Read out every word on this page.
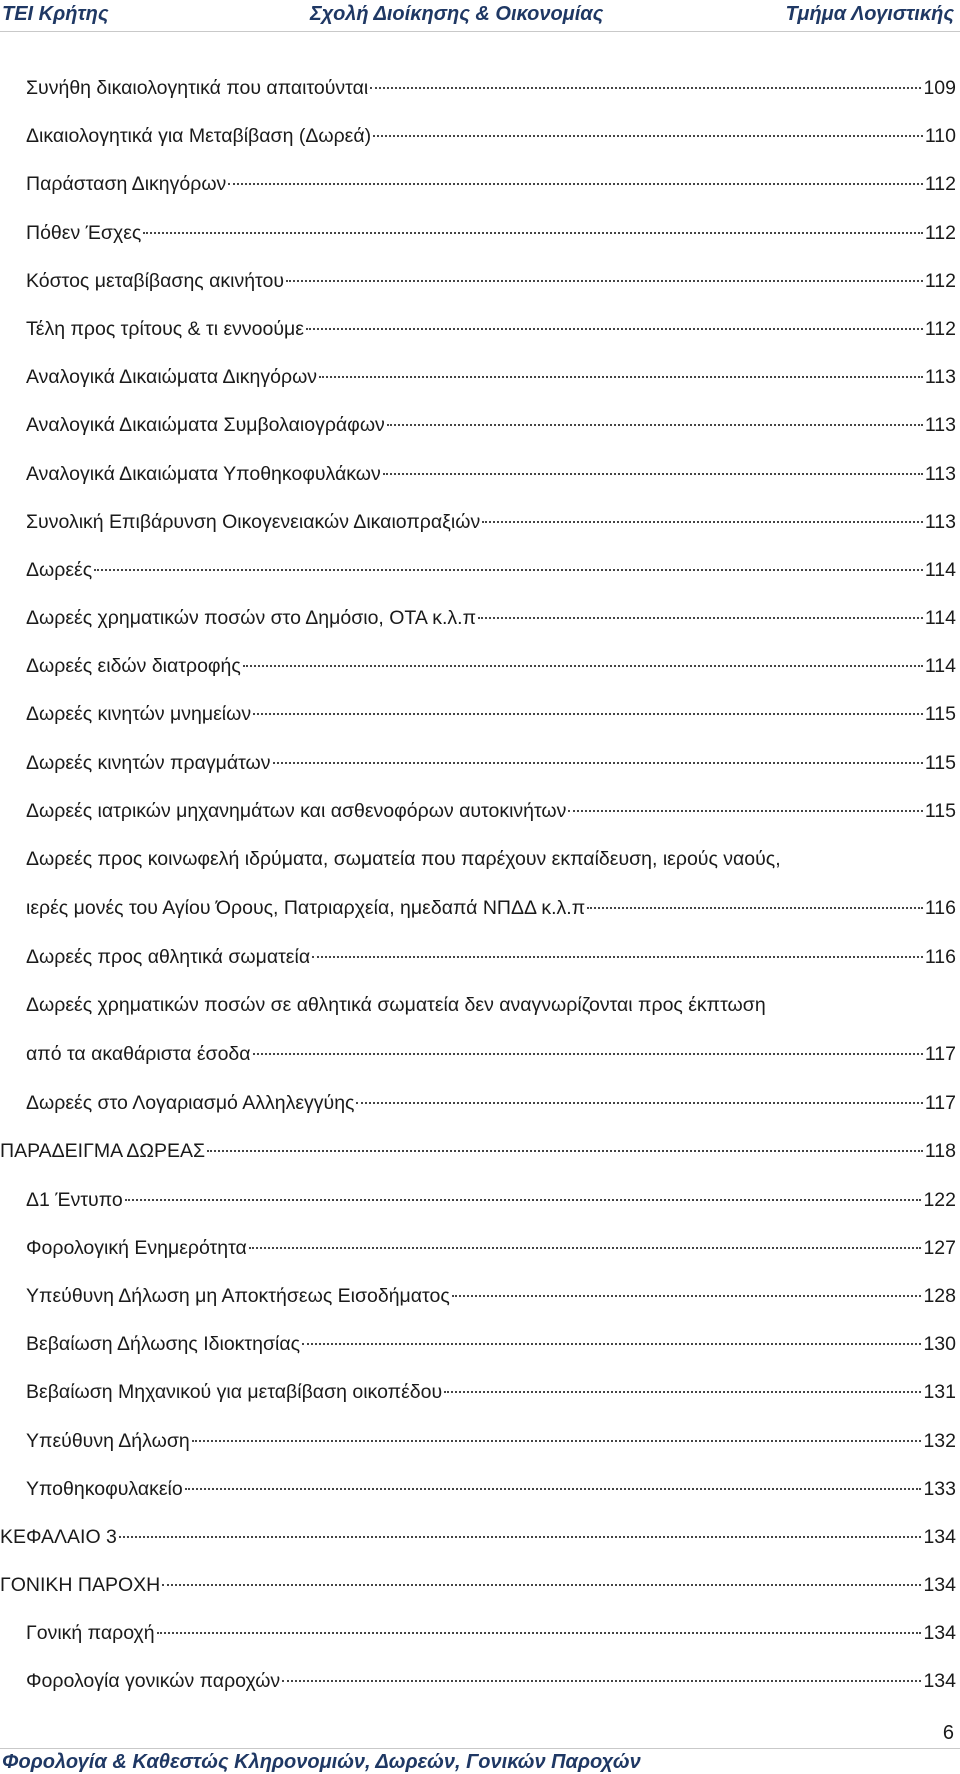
ΤΕΙ Κρήτης	Σχολή Διοίκησης & Οικονομίας	Τμήμα Λογιστικής
Συνήθη δικαιολογητικά που απαιτούνται	109
Δικαιολογητικά για Μεταβίβαση (Δωρεά)	110
Παράσταση Δικηγόρων	112
Πόθεν Έσχες	112
Κόστος μεταβίβασης ακινήτου	112
Τέλη προς τρίτους & τι εννοούμε	112
Αναλογικά Δικαιώματα Δικηγόρων	113
Αναλογικά Δικαιώματα Συμβολαιογράφων	113
Αναλογικά Δικαιώματα Υποθηκοφυλάκων	113
Συνολική Επιβάρυνση Οικογενειακών Δικαιοπραξιών	113
Δωρεές	114
Δωρεές χρηματικών ποσών στο Δημόσιο, ΟΤΑ κ.λ.π	114
Δωρεές ειδών διατροφής	114
Δωρεές κινητών μνημείων	115
Δωρεές κινητών πραγμάτων	115
Δωρεές ιατρικών μηχανημάτων και ασθενοφόρων αυτοκινήτων	115
Δωρεές προς κοινωφελή ιδρύματα, σωματεία που παρέχουν εκπαίδευση, ιερούς ναούς,
ιερές μονές του Αγίου Όρους, Πατριαρχεία, ημεδαπά ΝΠΔΔ κ.λ.π	116
Δωρεές προς αθλητικά σωματεία	116
Δωρεές χρηματικών ποσών σε αθλητικά σωματεία δεν αναγνωρίζονται προς έκπτωση
από τα ακαθάριστα έσοδα	117
Δωρεές στο Λογαριασμό Αλληλεγγύης	117
ΠΑΡΑΔΕΙΓΜΑ ΔΩΡΕΑΣ	118
Δ1 Έντυπο	122
Φορολογική Ενημερότητα	127
Υπεύθυνη Δήλωση μη Αποκτήσεως Εισοδήματος	128
Βεβαίωση Δήλωσης Ιδιοκτησίας	130
Βεβαίωση Μηχανικού για μεταβίβαση οικοπέδου	131
Υπεύθυνη Δήλωση	132
Υποθηκοφυλακείο	133
ΚΕΦΑΛΑΙΟ 3	134
ΓΟΝΙΚΗ ΠΑΡΟΧΗ	134
Γονική παροχή	134
Φορολογία γονικών παροχών	134
6
Φορολογία & Καθεστώς Κληρονομιών, Δωρεών, Γονικών Παροχών
